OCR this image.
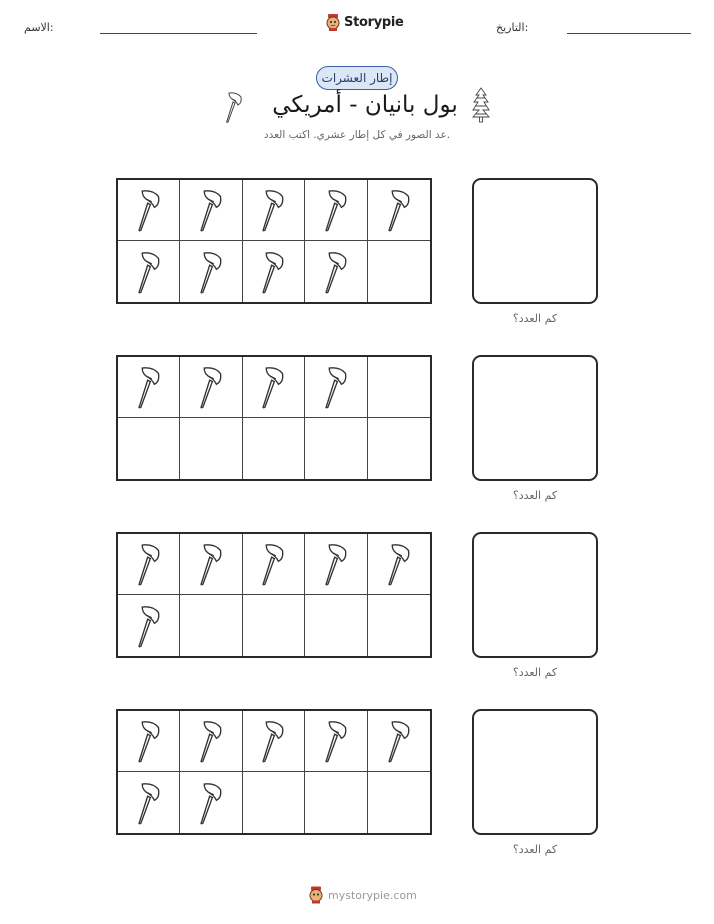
الاسم:	Storypie	التاريخ:
إطار العشرات
بول بانيان - أمريكي
عد الصور في كل إطار عشري. اكتب العدد.
كم العدد؟
كم العدد؟
كم العدد؟
كم العدد؟
mystorypie.com
